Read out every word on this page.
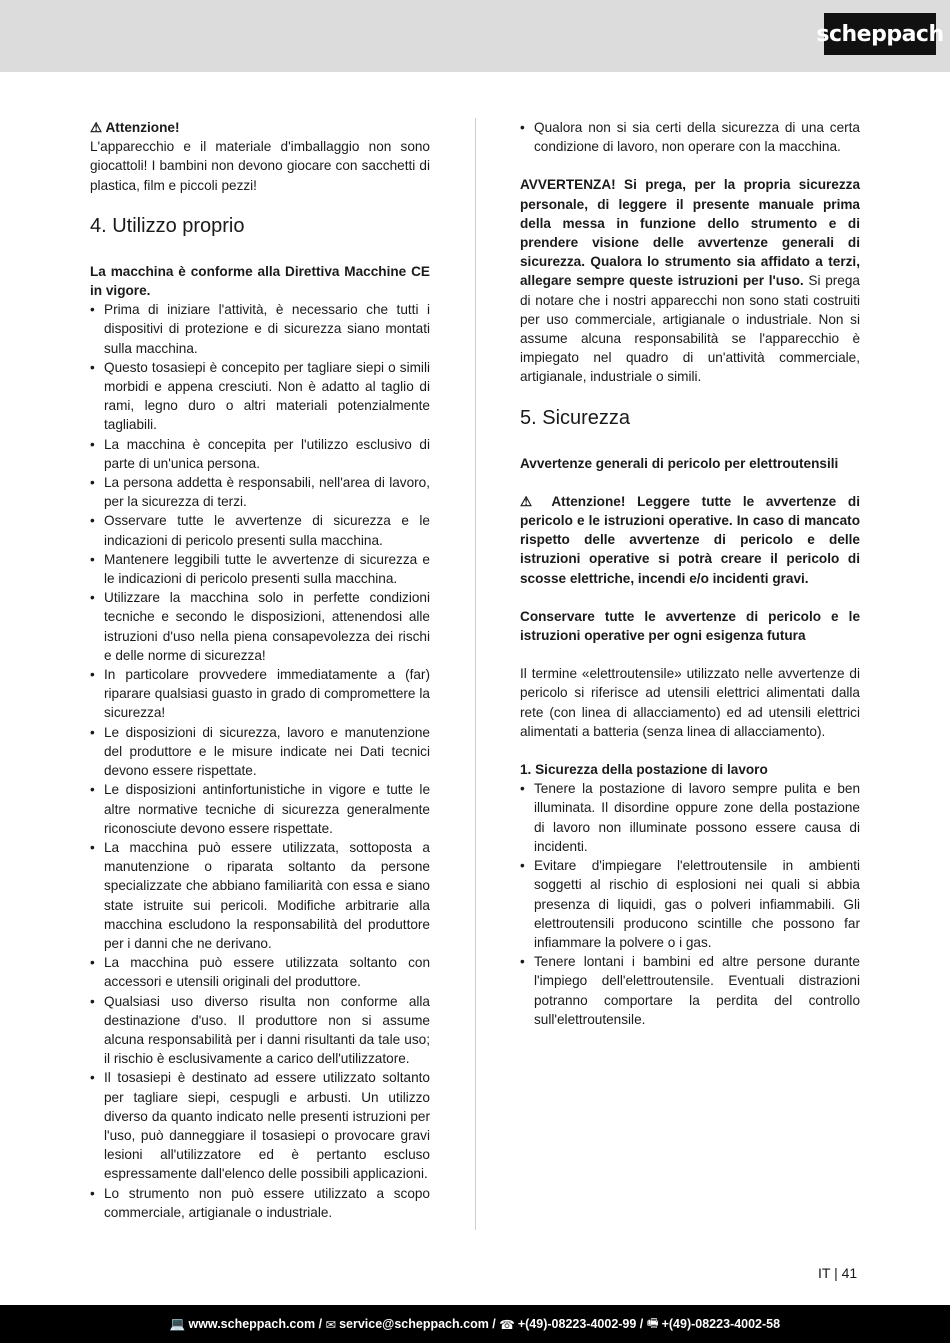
scheppach

⚠ Attenzione!

L'apparecchio e il materiale d'imballaggio non sono giocattoli! I bambini non devono giocare con sacchetti di plastica, film e piccoli pezzi!

4. Utilizzo proprio

La macchina è conforme alla Direttiva Macchine CE in vigore.

• Prima di iniziare l'attività, è necessario che tutti i dispositivi di protezione e di sicurezza siano montati sulla macchina.
• Questo tosasiepi è concepito per tagliare siepi o simili morbidi e appena cresciuti. Non è adatto al taglio di rami, legno duro o altri materiali potenzialmente tagliabili.
• La macchina è concepita per l'utilizzo esclusivo di parte di un'unica persona.
• La persona addetta è responsabili, nell'area di lavoro, per la sicurezza di terzi.
• Osservare tutte le avvertenze di sicurezza e le indicazioni di pericolo presenti sulla macchina.
• Mantenere leggibili tutte le avvertenze di sicurezza e le indicazioni di pericolo presenti sulla macchina.
• Utilizzare la macchina solo in perfette condizioni tecniche e secondo le disposizioni, attenendosi alle istruzioni d'uso nella piena consapevolezza dei rischi e delle norme di sicurezza!
• In particolare provvedere immediatamente a (far) riparare qualsiasi guasto in grado di compromettere la sicurezza!
• Le disposizioni di sicurezza, lavoro e manutenzione del produttore e le misure indicate nei Dati tecnici devono essere rispettate.
• Le disposizioni antinfortunistiche in vigore e tutte le altre normative tecniche di sicurezza generalmente riconosciute devono essere rispettate.
• La macchina può essere utilizzata, sottoposta a manutenzione o riparata soltanto da persone specializzate che abbiano familiarità con essa e siano state istruite sui pericoli. Modifiche arbitrarie alla macchina escludono la responsabilità del produttore per i danni che ne derivano.
• La macchina può essere utilizzata soltanto con accessori e utensili originali del produttore.
• Qualsiasi uso diverso risulta non conforme alla destinazione d'uso. Il produttore non si assume alcuna responsabilità per i danni risultanti da tale uso; il rischio è esclusivamente a carico dell'utilizzatore.
• Il tosasiepi è destinato ad essere utilizzato soltanto per tagliare siepi, cespugli e arbusti. Un utilizzo diverso da quanto indicato nelle presenti istruzioni per l'uso, può danneggiare il tosasiepi o provocare gravi lesioni all'utilizzatore ed è pertanto escluso espressamente dall'elenco delle possibili applicazioni.
• Lo strumento non può essere utilizzato a scopo commerciale, artigianale o industriale.
• Qualora non si sia certi della sicurezza di una certa condizione di lavoro, non operare con la macchina.

AVVERTENZA! Si prega, per la propria sicurezza personale, di leggere il presente manuale prima della messa in funzione dello strumento e di prendere visione delle avvertenze generali di sicurezza. Qualora lo strumento sia affidato a terzi, allegare sempre queste istruzioni per l'uso. Si prega di notare che i nostri apparecchi non sono stati costruiti per uso commerciale, artigianale o industriale. Non si assume alcuna responsabilità se l'apparecchio è impiegato nel quadro di un'attività commerciale, artigianale, industriale o simili.

5. Sicurezza

Avvertenze generali di pericolo per elettroutensili

⚠ Attenzione! Leggere tutte le avvertenze di pericolo e le istruzioni operative. In caso di mancato rispetto delle avvertenze di pericolo e delle istruzioni operative si potrà creare il pericolo di scosse elettriche, incendi e/o incidenti gravi.

Conservare tutte le avvertenze di pericolo e le istruzioni operative per ogni esigenza futura

Il termine «elettroutensile» utilizzato nelle avvertenze di pericolo si riferisce ad utensili elettrici alimentati dalla rete (con linea di allacciamento) ed ad utensili elettrici alimentati a batteria (senza linea di allacciamento).

1. Sicurezza della postazione di lavoro

• Tenere la postazione di lavoro sempre pulita e ben illuminata. Il disordine oppure zone della postazione di lavoro non illuminate possono essere causa di incidenti.
• Evitare d'impiegare l'elettroutensile in ambienti soggetti al rischio di esplosioni nei quali si abbia presenza di liquidi, gas o polveri infiammabili. Gli elettroutensili producono scintille che possono far infiammare la polvere o i gas.
• Tenere lontani i bambini ed altre persone durante l'impiego dell'elettroutensile. Eventuali distrazioni potranno comportare la perdita del controllo sull'elettroutensile.
IT | 41
💻 www.scheppach.com /
✉ service@scheppach.com /
☎ +(49)-08223-4002-99 /
🖷 +(49)-08223-4002-58
